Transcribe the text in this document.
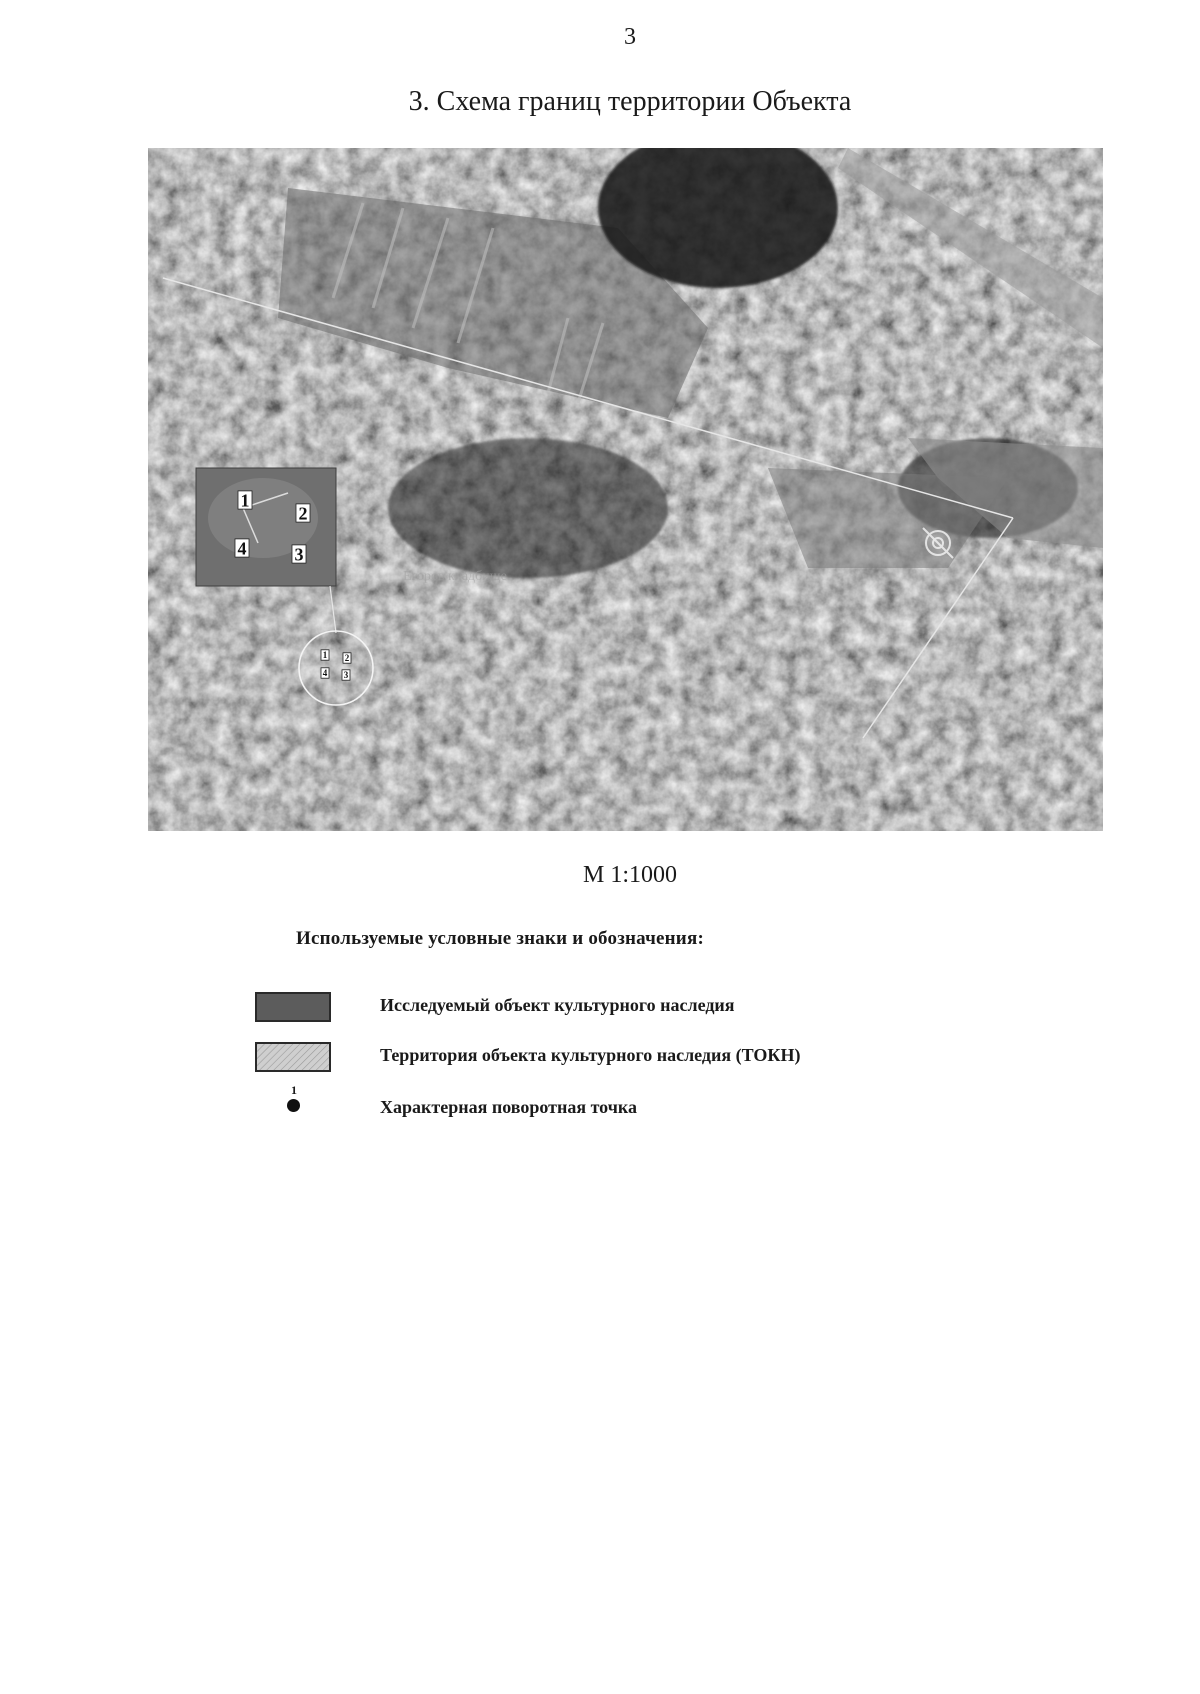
3
3. Схема границ территории Объекта
1
2
3
4
1 2
3
4
Егоров кладбище
М 1:1000
Используемые условные знаки и обозначения:
Исследуемый объект культурного наследия
Территория объекта культурного наследия (ТОКН)
1
Характерная поворотная точка
